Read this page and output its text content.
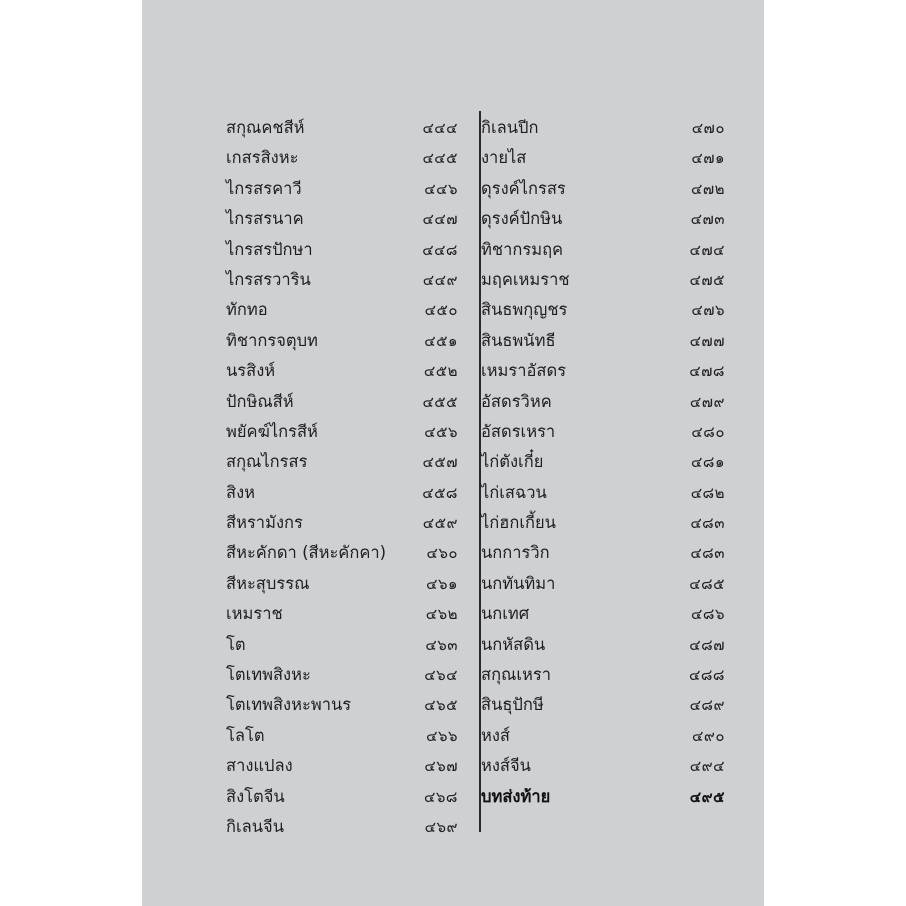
สกุณคชสีห์	๔๔๔
เกสรสิงหะ	๔๔๕
ไกรสรคาวี	๔๔๖
ไกรสรนาค	๔๔๗
ไกรสรปักษา	๔๔๘
ไกรสรวาริน	๔๔๙
ทักทอ	๔๕๐
ทิชากรจตุบท	๔๕๑
นรสิงห์	๔๕๒
ปักษิณสีห์	๔๕๕
พยัคฆ์ไกรสีห์	๔๕๖
สกุณไกรสร	๔๕๗
สิงห	๔๕๘
สีหรามังกร	๔๕๙
สีหะคักดา (สีหะคักคา)	๔๖๐
สีหะสุบรรณ	๔๖๑
เหมราช	๔๖๒
โต	๔๖๓
โตเทพสิงหะ	๔๖๔
โตเทพสิงหะพานร	๔๖๕
โลโต	๔๖๖
สางแปลง	๔๖๗
สิงโตจีน	๔๖๘
กิเลนจีน	๔๖๙
กิเลนปีก	๔๗๐
งายไส	๔๗๑
ดุรงค์ไกรสร	๔๗๒
ดุรงค์ปักษิน	๔๗๓
ทิชากรมฤค	๔๗๔
มฤคเหมราช	๔๗๕
สินธพกุญชร	๔๗๖
สินธพนัทธี	๔๗๗
เหมราอัสดร	๔๗๘
อัสดรวิหค	๔๗๙
อัสดรเหรา	๔๘๐
ไก่ตังเกี๋ย	๔๘๑
ไก่เสฉวน	๔๘๒
ไก่ฮกเกี้ยน	๔๘๓
นกการวิก	๔๘๓
นกทันทิมา	๔๘๕
นกเทศ	๔๘๖
นกหัสดิน	๔๘๗
สกุณเหรา	๔๘๘
สินธุปักษี	๔๘๙
หงส์	๔๙๐
หงส์จีน	๔๙๔
บทส่งท้าย	๔๙๕
